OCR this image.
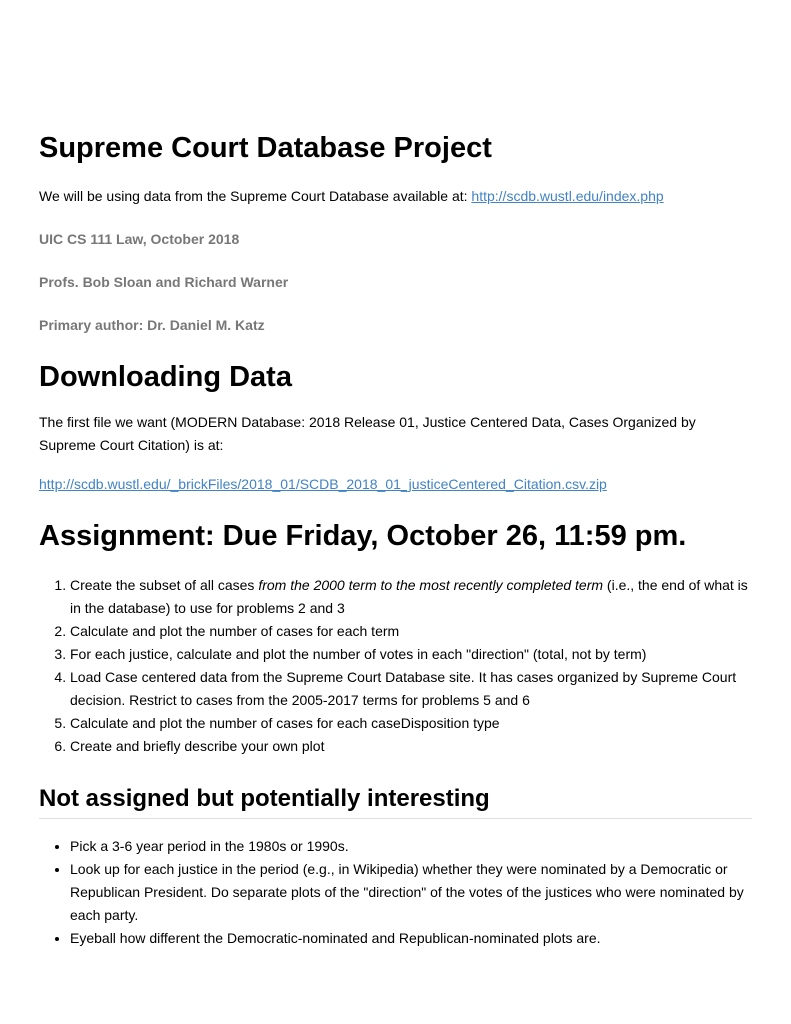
Supreme Court Database Project

We will be using data from the Supreme Court Database available at: http://scdb.wustl.edu/index.php

UIC CS 111 Law, October 2018

Profs. Bob Sloan and Richard Warner

Primary author: Dr. Daniel M. Katz

Downloading Data

The first file we want (MODERN Database: 2018 Release 01, Justice Centered Data, Cases Organized by Supreme Court Citation) is at:

http://scdb.wustl.edu/_brickFiles/2018_01/SCDB_2018_01_justiceCentered_Citation.csv.zip

Assignment: Due Friday, October 26, 11:59 pm.
1. Create the subset of all cases from the 2000 term to the most recently completed term (i.e., the end of what is in the database) to use for problems 2 and 3
2. Calculate and plot the number of cases for each term
3. For each justice, calculate and plot the number of votes in each "direction" (total, not by term)
4. Load Case centered data from the Supreme Court Database site. It has cases organized by Supreme Court decision. Restrict to cases from the 2005-2017 terms for problems 5 and 6
5. Calculate and plot the number of cases for each caseDisposition type
6. Create and briefly describe your own plot
Not assigned but potentially interesting
• Pick a 3-6 year period in the 1980s or 1990s.
• Look up for each justice in the period (e.g., in Wikipedia) whether they were nominated by a Democratic or Republican President. Do separate plots of the "direction" of the votes of the justices who were nominated by each party.
• Eyeball how different the Democratic-nominated and Republican-nominated plots are.
